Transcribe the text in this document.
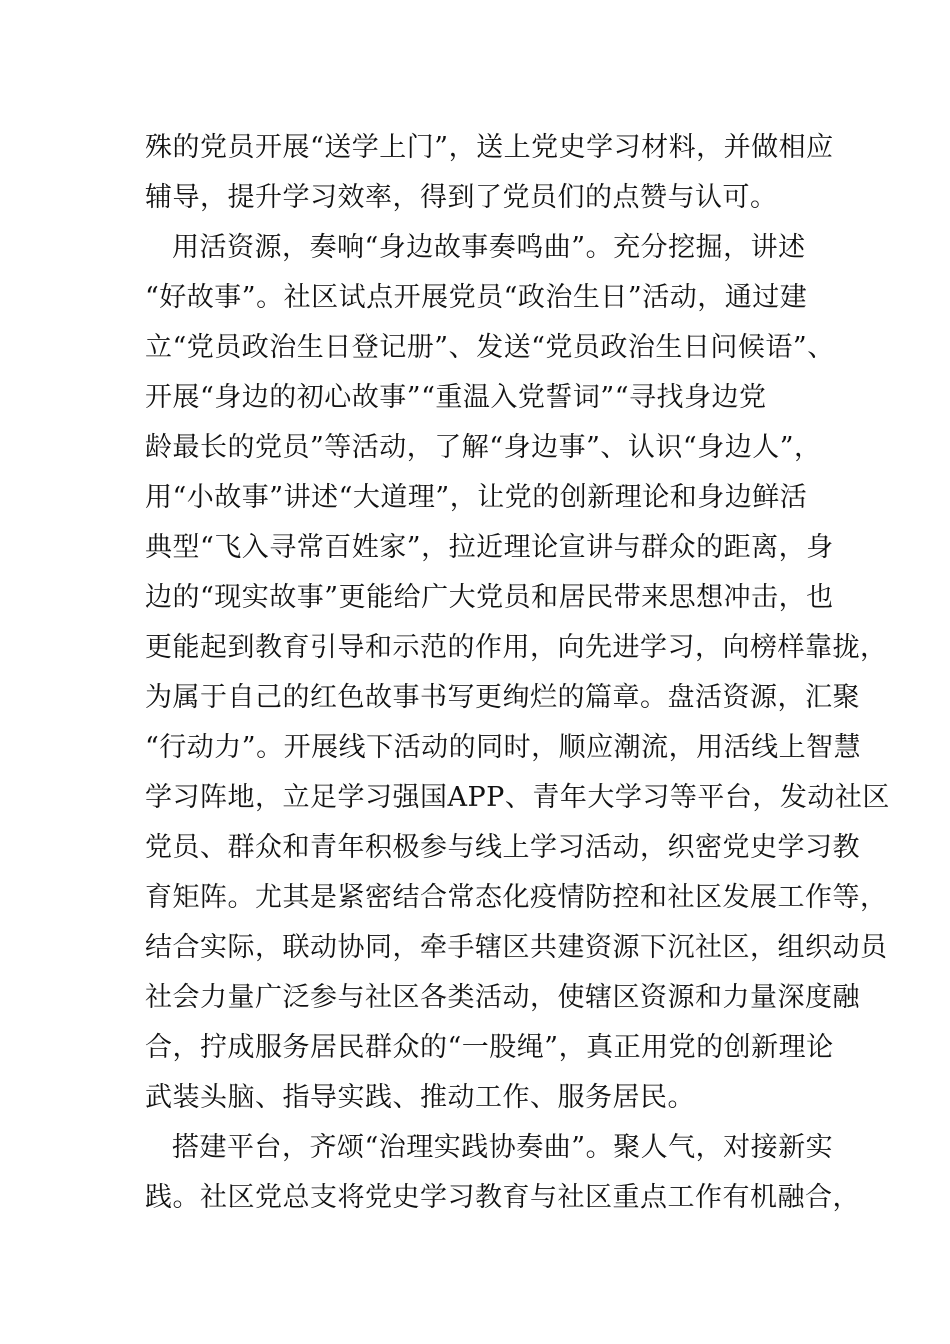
殊的党员开展“送学上门”，送上党史学习材料，并做相应
辅导，提升学习效率，得到了党员们的点赞与认可。
用活资源，奏响“身边故事奏鸣曲”。充分挖掘，讲述
“好故事”。社区试点开展党员“政治生日”活动，通过建
立“党员政治生日登记册”、发送“党员政治生日问候语”、
开展“身边的初心故事”“重温入党誓词”“寻找身边党
龄最长的党员”等活动，了解“身边事”、认识“身边人”，
用“小故事”讲述“大道理”，让党的创新理论和身边鲜活
典型“飞入寻常百姓家”，拉近理论宣讲与群众的距离，身
边的“现实故事”更能给广大党员和居民带来思想冲击，也
更能起到教育引导和示范的作用，向先进学习，向榜样靠拢，
为属于自己的红色故事书写更绚烂的篇章。盘活资源，汇聚
“行动力”。开展线下活动的同时，顺应潮流，用活线上智慧
学习阵地，立足学习强国APP、青年大学习等平台，发动社区
党员、群众和青年积极参与线上学习活动，织密党史学习教
育矩阵。尤其是紧密结合常态化疫情防控和社区发展工作等，
结合实际，联动协同，牵手辖区共建资源下沉社区，组织动员
社会力量广泛参与社区各类活动，使辖区资源和力量深度融
合，拧成服务居民群众的“一股绳”，真正用党的创新理论
武装头脑、指导实践、推动工作、服务居民。
搭建平台，齐颂“治理实践协奏曲”。聚人气，对接新实
践。社区党总支将党史学习教育与社区重点工作有机融合，
